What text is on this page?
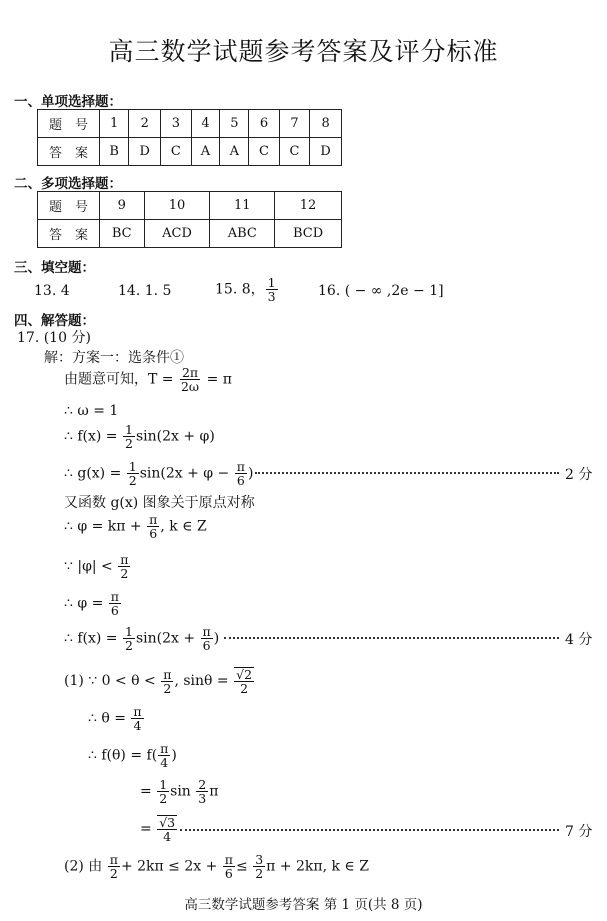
高三数学试题参考答案及评分标准
一、单项选择题：
题　号	1	2	3	4	5	6	7	8
答　案	B	D	C	A	A	C	C	D
二、多项选择题：
题　号	9	10	11	12
答　案	BC	ACD	ABC	BCD
三、填空题：
13. 4	14. 1. 5	15. 8， $\frac{1}{3}$	16. ( − ∞ ,2e − 1]
四、解答题：
17. (10 分)
解：方案一：选条件①
由题意可知，$T = \frac{2\pi}{2\omega} = \pi$
∴ ω = 1
∴ $f(x) = \frac{1}{2} \sin(2x + \varphi)$
∴ $g(x) = \frac{1}{2} \sin(2x + \varphi - \frac{\pi}{6}$ )	2 分
又函数 g(x) 图象关于原点对称
∴ $\varphi = k\pi + \frac{\pi}{6}$ , k ∈ Z
∵ $|\varphi| < \frac{\pi}{2}$
∴ $\varphi = \frac{\pi}{6}$
∴ $f(x) = \frac{1}{2} \sin(2x + \frac{\pi}{6}$ )	4 分
(1) ∵ $0 < \theta < \frac{\pi}{2}$ , $\sin\theta = \frac{√2}{2}$
∴ $\theta = \frac{\pi}{4}$
∴ $f(\theta) = f( \frac{\pi}{4}$ )
= $\frac{1}{2}$ $\sin \frac{2}{3}$ π
= $\frac{√3}{4}$	7 分
(2) 由 $\frac{\pi}{2} + 2k\pi \le 2x + \frac{\pi}{6} \le \frac{3}{2}$ π + 2kπ, k ∈ Z
高三数学试题参考答案 第 1 页(共 8 页)
